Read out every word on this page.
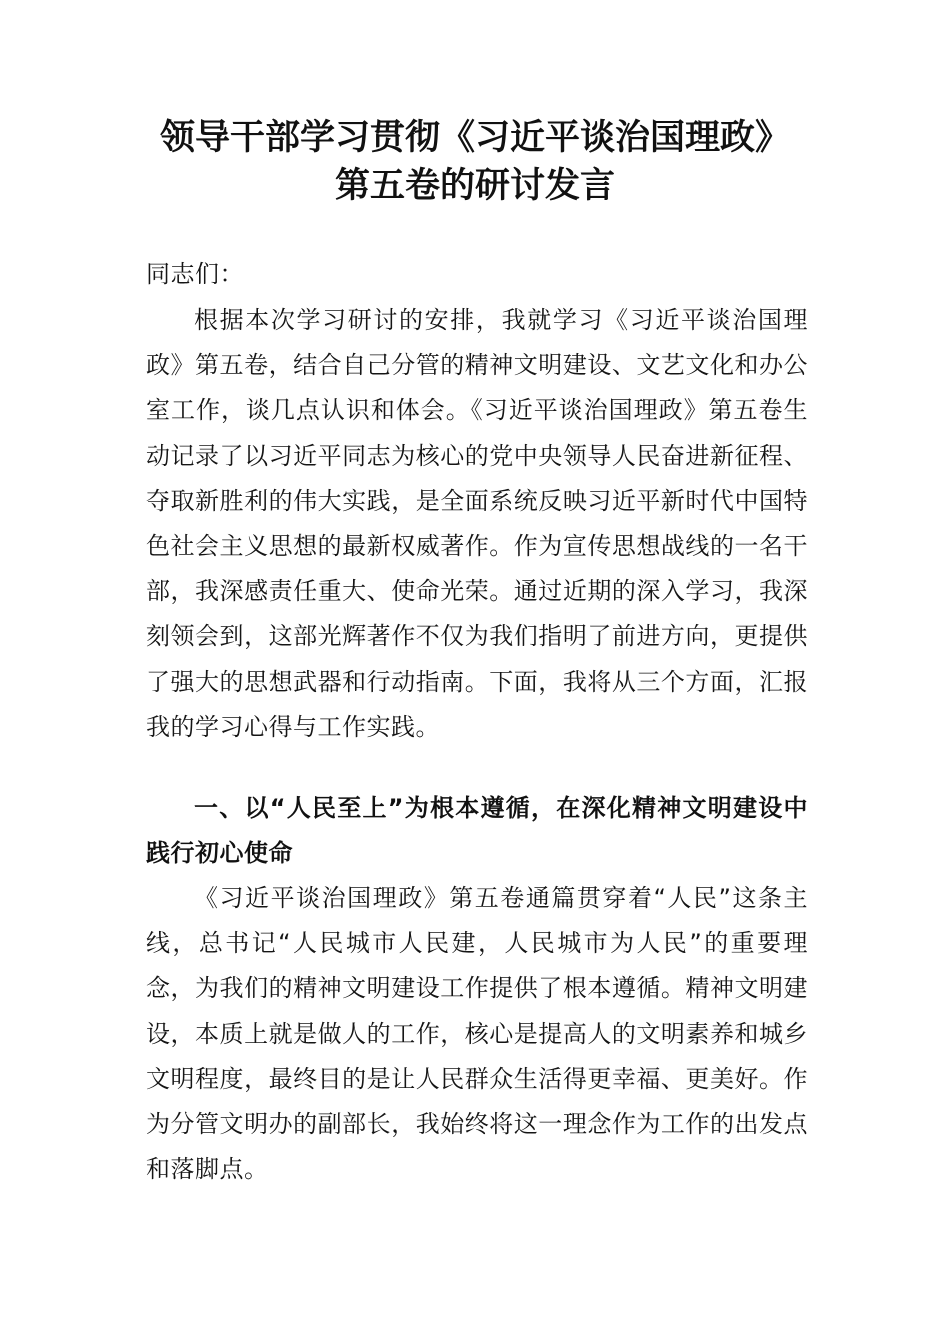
领导干部学习贯彻《习近平谈治国理政》
第五卷的研讨发言
同志们：
根据本次学习研讨的安排，我就学习《习近平谈治国理政》第五卷，结合自己分管的精神文明建设、文艺文化和办公室工作，谈几点认识和体会。《习近平谈治国理政》第五卷生动记录了以习近平同志为核心的党中央领导人民奋进新征程、夺取新胜利的伟大实践，是全面系统反映习近平新时代中国特色社会主义思想的最新权威著作。作为宣传思想战线的一名干部，我深感责任重大、使命光荣。通过近期的深入学习，我深刻领会到，这部光辉著作不仅为我们指明了前进方向，更提供了强大的思想武器和行动指南。下面，我将从三个方面，汇报我的学习心得与工作实践。
一、以“人民至上”为根本遵循，在深化精神文明建设中践行初心使命
《习近平谈治国理政》第五卷通篇贯穿着“人民”这条主线，总书记“人民城市人民建，人民城市为人民”的重要理念，为我们的精神文明建设工作提供了根本遵循。精神文明建设，本质上就是做人的工作，核心是提高人的文明素养和城乡文明程度，最终目的是让人民群众生活得更幸福、更美好。作为分管文明办的副部长，我始终将这一理念作为工作的出发点和落脚点。
